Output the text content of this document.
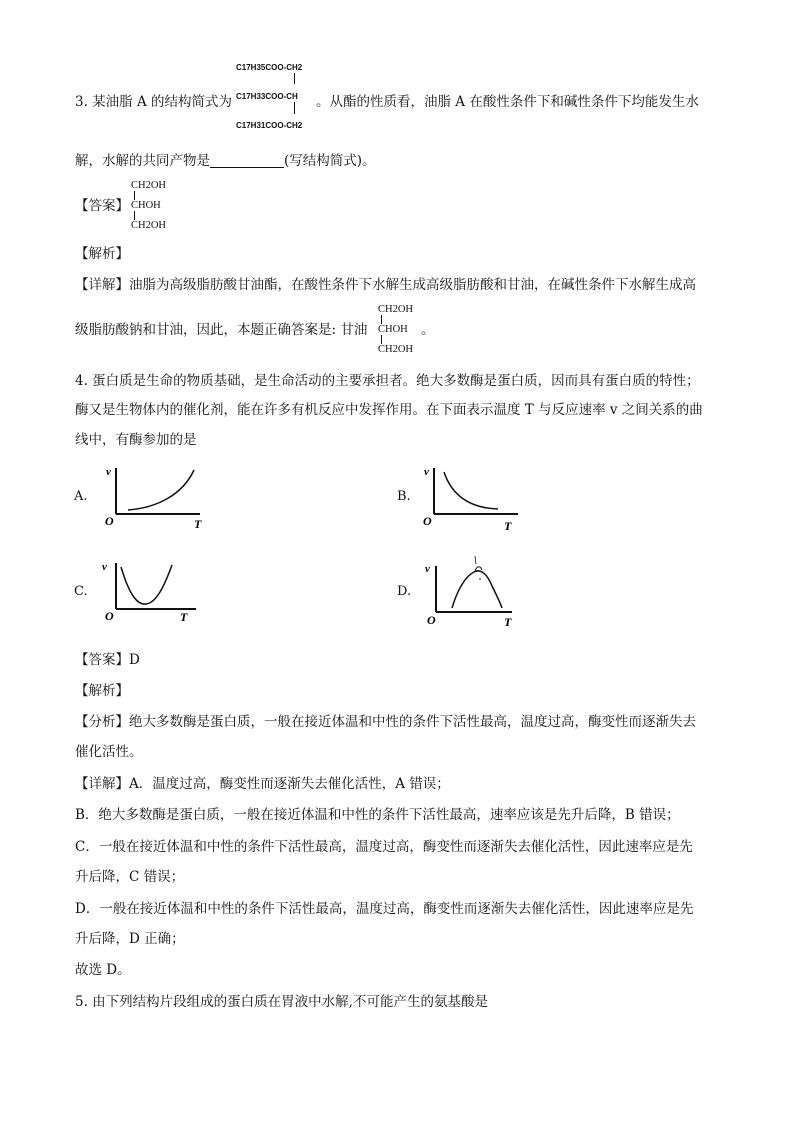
C17H35COO-CH2
C17H33COO-CH
C17H31COO-CH2
3. 某油脂 A 的结构简式为	。从酯的性质看，油脂 A 在酸性条件下和碱性条件下均能发生水
解，水解的共同产物是	(写结构简式)。
【答案】
CH2OH
CHOH
CH2OH
【解析】
【详解】油脂为高级脂肪酸甘油酯，在酸性条件下水解生成高级脂肪酸和甘油，在碱性条件下水解生成高
级脂肪酸钠和甘油，因此，本题正确答案是: 甘油
CH2OH
CHOH
CH2OH
。
4. 蛋白质是生命的物质基础，是生命活动的主要承担者。绝大多数酶是蛋白质，因而具有蛋白质的特性；
酶又是生物体内的催化剂，能在许多有机反应中发挥作用。在下面表示温度 T 与反应速率 v 之间关系的曲
线中，有酶参加的是
A.
v
O	T
B.
v
O	T
C.
v
O	T
D.
v
O	T
【答案】D
【解析】
【分析】绝大多数酶是蛋白质，一般在接近体温和中性的条件下活性最高，温度过高，酶变性而逐渐失去
催化活性。
【详解】A．温度过高，酶变性而逐渐失去催化活性，A 错误；
B．绝大多数酶是蛋白质，一般在接近体温和中性的条件下活性最高，速率应该是先升后降，B 错误；
C．一般在接近体温和中性的条件下活性最高，温度过高，酶变性而逐渐失去催化活性，因此速率应是先
升后降，C 错误；
D．一般在接近体温和中性的条件下活性最高，温度过高，酶变性而逐渐失去催化活性，因此速率应是先
升后降，D 正确；
故选 D。
5. 由下列结构片段组成的蛋白质在胃液中水解,不可能产生的氨基酸是
